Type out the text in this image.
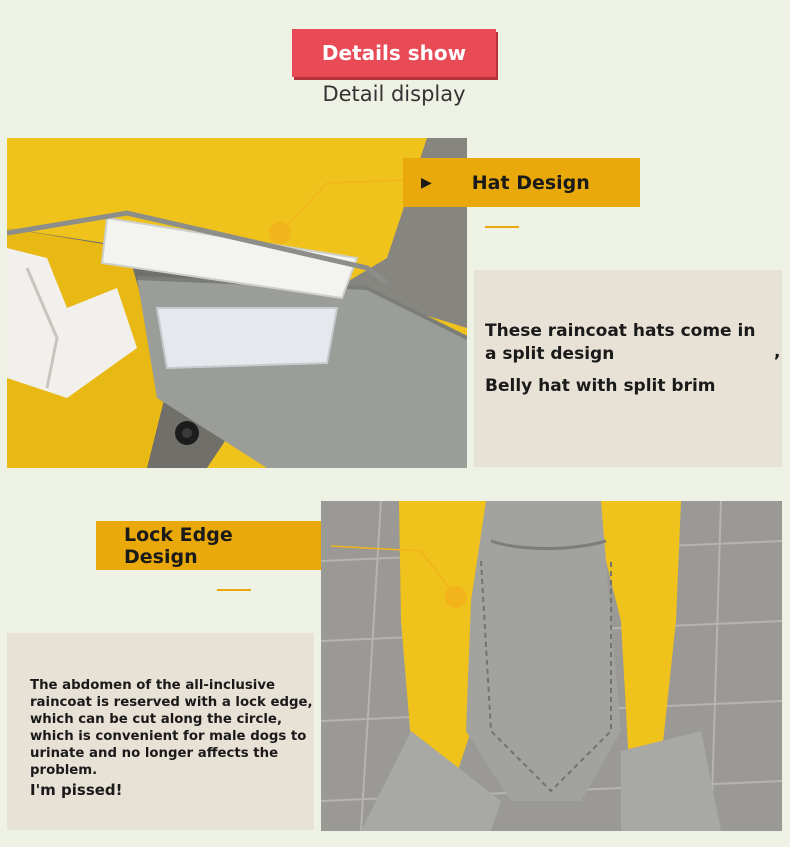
Details show
Detail display
▶ Hat Design
These raincoat hats come in a split design	,
Belly hat with split brim
Lock Edge Design
The abdomen of the all-inclusive raincoat is reserved with a lock edge, which can be cut along the circle, which is convenient for male dogs to urinate and no longer affects the problem.
I'm pissed!
